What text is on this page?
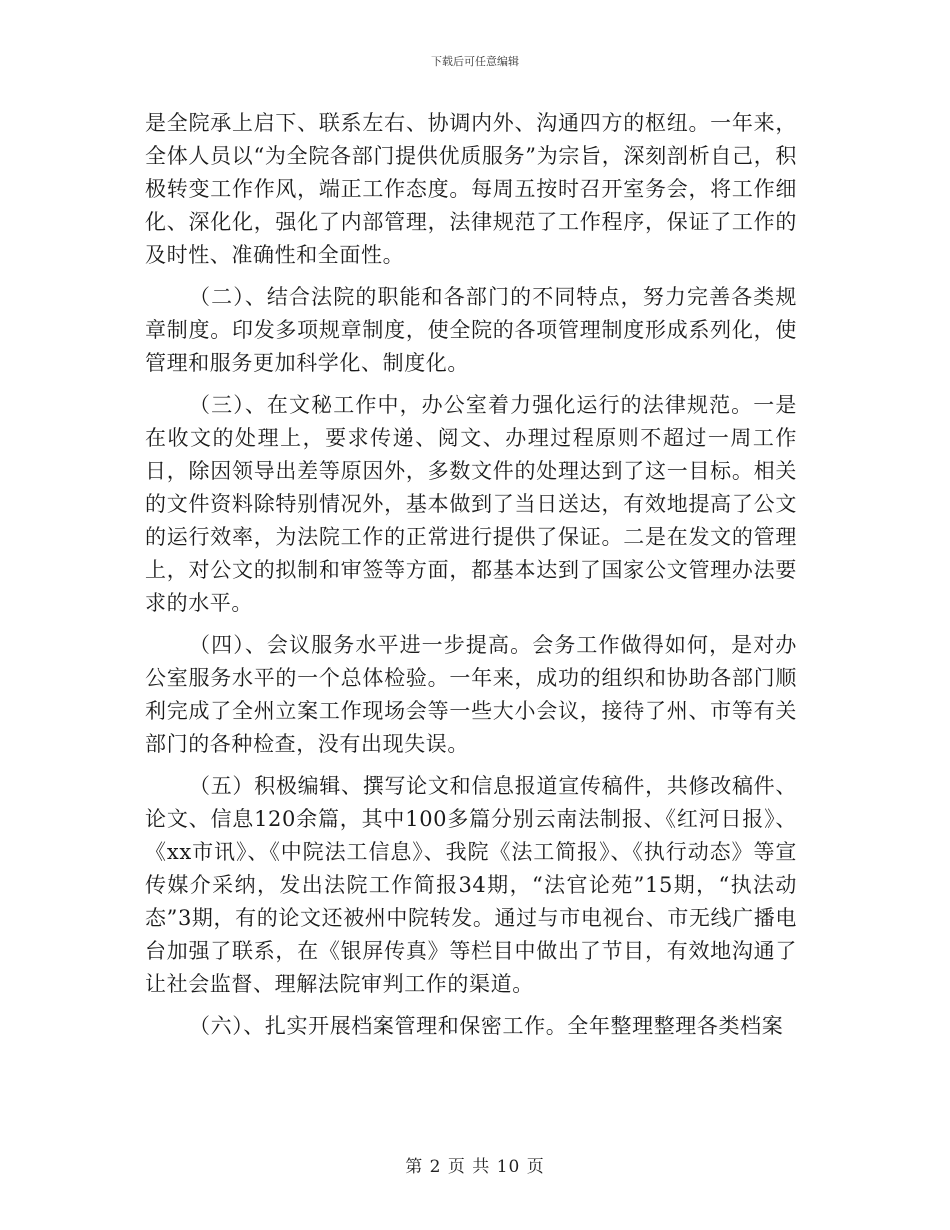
下载后可任意编辑

是全院承上启下、联系左右、协调内外、沟通四方的枢纽。一年来，全体人员以“为全院各部门提供优质服务”为宗旨，深刻剖析自己，积极转变工作作风，端正工作态度。每周五按时召开室务会，将工作细化、深化化，强化了内部管理，法律规范了工作程序，保证了工作的及时性、准确性和全面性。

（二）、结合法院的职能和各部门的不同特点，努力完善各类规章制度。印发多项规章制度，使全院的各项管理制度形成系列化，使管理和服务更加科学化、制度化。

（三）、在文秘工作中，办公室着力强化运行的法律规范。一是在收文的处理上，要求传递、阅文、办理过程原则不超过一周工作日，除因领导出差等原因外，多数文件的处理达到了这一目标。相关的文件资料除特别情况外，基本做到了当日送达，有效地提高了公文的运行效率，为法院工作的正常进行提供了保证。二是在发文的管理上，对公文的拟制和审签等方面，都基本达到了国家公文管理办法要求的水平。

（四）、会议服务水平进一步提高。会务工作做得如何，是对办公室服务水平的一个总体检验。一年来，成功的组织和协助各部门顺利完成了全州立案工作现场会等一些大小会议，接待了州、市等有关部门的各种检查，没有出现失误。

（五）积极编辑、撰写论文和信息报道宣传稿件，共修改稿件、论文、信息120余篇，其中100多篇分别云南法制报、《红河日报》、《xx市讯》、《中院法工信息》、我院《法工简报》、《执行动态》等宣传媒介采纳，发出法院工作简报34期，“法官论苑”15期，“执法动态”3期，有的论文还被州中院转发。通过与市电视台、市无线广播电台加强了联系，在《银屏传真》等栏目中做出了节目，有效地沟通了让社会监督、理解法院审判工作的渠道。

（六）、扎实开展档案管理和保密工作。全年整理整理各类档案

第 2 页 共 10 页
